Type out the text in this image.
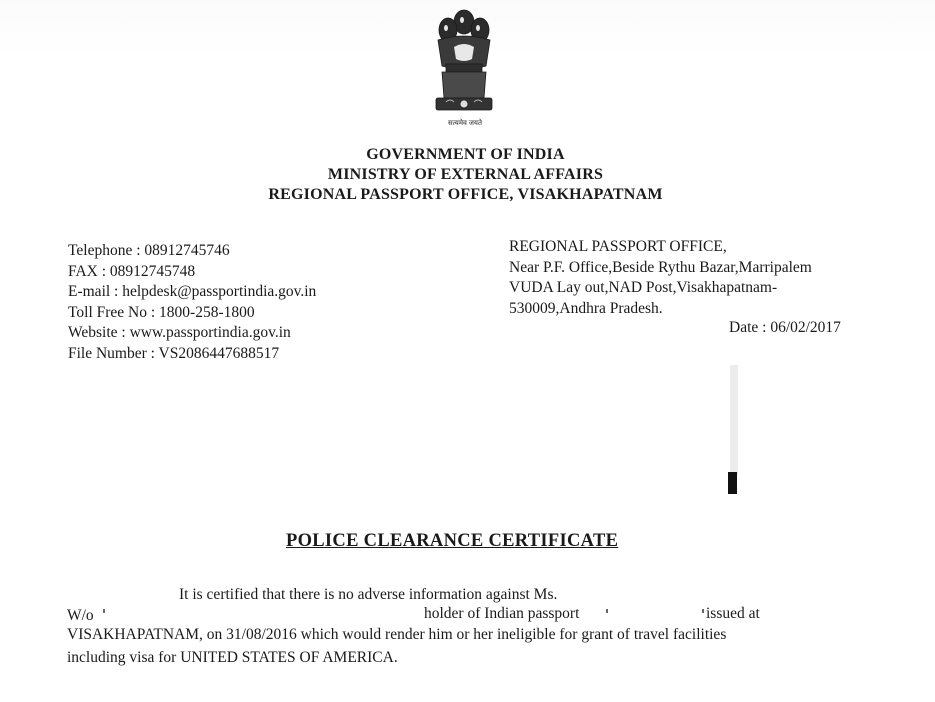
सत्यमेव जयते
GOVERNMENT OF INDIA
MINISTRY OF EXTERNAL AFFAIRS
REGIONAL PASSPORT OFFICE, VISAKHAPATNAM
Telephone : 08912745746
FAX : 08912745748
E-mail : helpdesk@passportindia.gov.in
Toll Free No : 1800-258-1800
Website : www.passportindia.gov.in
File Number : VS2086447688517
REGIONAL PASSPORT OFFICE,
Near P.F. Office,Beside Rythu Bazar,Marripalem
VUDA Lay out,NAD Post,Visakhapatnam-
530009,Andhra Pradesh.
Date : 06/02/2017
POLICE CLEARANCE CERTIFICATE
It is certified that there is no adverse information against Ms.
W/o	holder of Indian passport	issued at
VISAKHAPATNAM, on 31/08/2016 which would render him or her ineligible for grant of travel facilities
including visa for UNITED STATES OF AMERICA.
